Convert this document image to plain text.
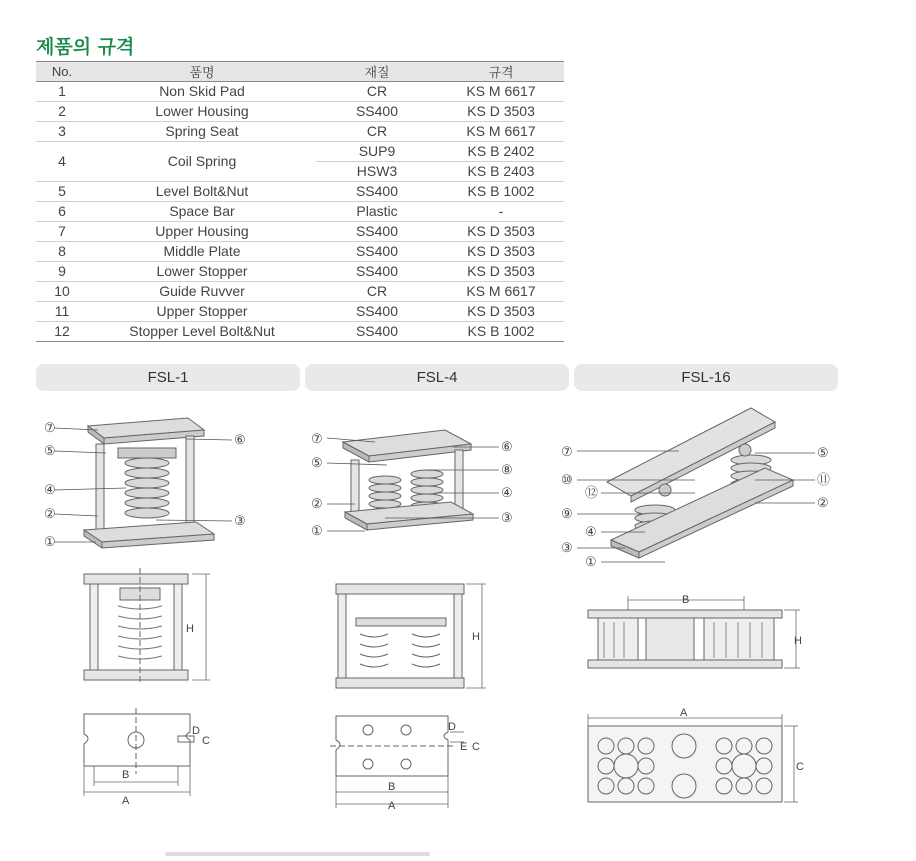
제품의 규격
No.	품명	재질	규격
1	Non Skid Pad	CR	KS M 6617
2	Lower Housing	SS400	KS D 3503
3	Spring Seat	CR	KS M 6617
4	Coil Spring	SUP9	KS B 2402
		HSW3	KS B 2403
5	Level Bolt&Nut	SS400	KS B 1002
6	Space Bar	Plastic	-
7	Upper Housing	SS400	KS D 3503
8	Middle Plate	SS400	KS D 3503
9	Lower Stopper	SS400	KS D 3503
10	Guide Ruvver	CR	KS M 6617
11	Upper Stopper	SS400	KS D 3503
12	Stopper Level Bolt&Nut	SS400	KS B 1002
FSL-1	FSL-4	FSL-16
⑦
⑥
⑤
④
③
②
①
⑦
⑥
⑤	⑧
④
②
③
①
⑦	⑤
⑩	⑪
⑫
②
⑨
④
③
①
H
H
B
H
B
A
D
C
B
A
D
E C
A
C
